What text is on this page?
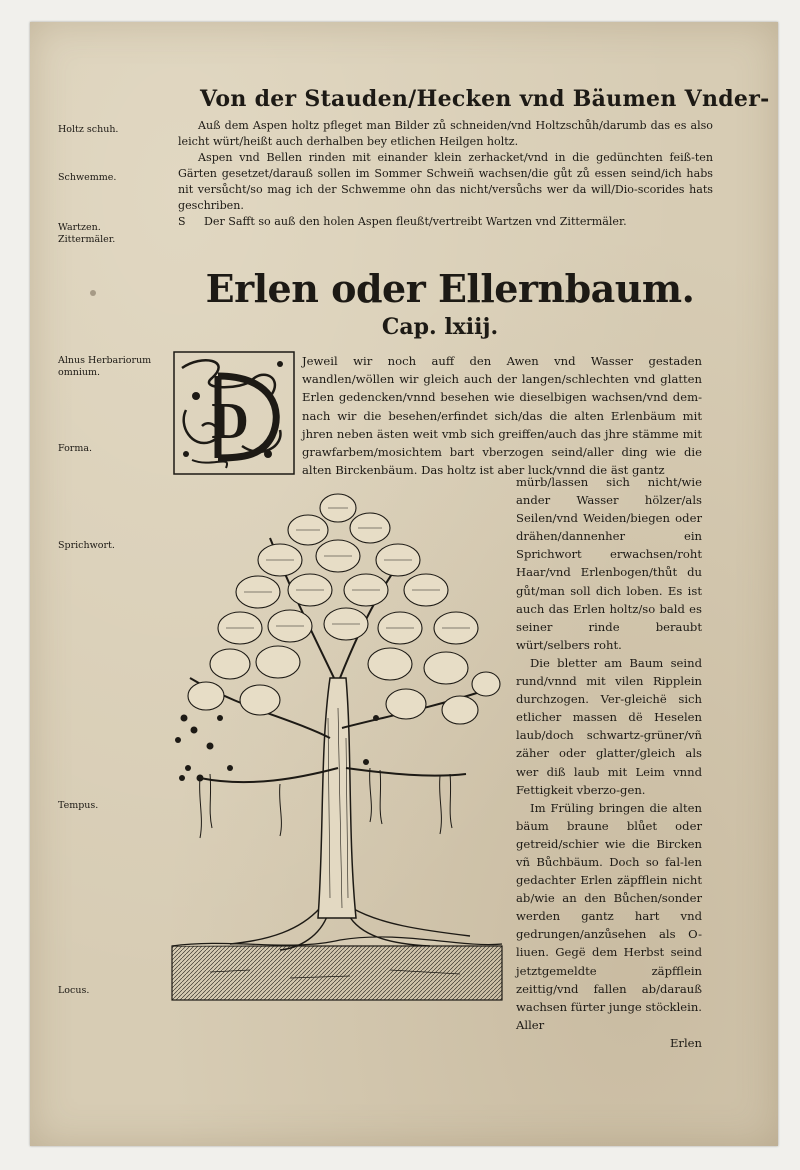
Von der Stauden/Hecken vnd Bäumen Vnder-
Holtz schuh.
Schwemme.
Wartzen. Zittermäler.
Alnus Herbariorum omnium.
Forma.
Sprichwort.
Tempus.
Locus.

Auß dem Aspen holtz pfleget man Bilder zů schneiden/vnd Holtzschůh/darumb das es also leicht würt/heißt auch derhalben bey etlichen Heilgen holtz.

Aspen vnd Bellen rinden mit einander klein zerhacket/vnd in die gedünchten feiß-ten Gärten gesetzet/darauß sollen im Sommer Schweiñ wachsen/die gůt zů essen seind/ich habs nit versůcht/so mag ich der Schwemme ohn das nicht/versůchs wer da will/Dio-scorides hats geschriben.

S Der Safft so auß den holen Aspen fleußt/vertreibt Wartzen vnd Zittermäler.

Erlen oder Ellernbaum.
Cap. lxiij.
D
Jeweil wir noch auff den Awen vnd Wasser gestaden wandlen/wöllen wir gleich auch der langen/schlechten vnd glatten Erlen gedencken/vnnd besehen wie dieselbigen wachsen/vnd dem-nach wir die besehen/erfindet sich/das die alten Erlenbäum mit jhren neben ästen weit vmb sich greiffen/auch das jhre stämme mit grawfarbem/mosichtem bart vberzogen seind/aller ding wie die alten Birckenbäum. Das holtz ist aber luck/vnnd die äst gantz

mürb/lassen sich nicht/wie ander Wasser hölzer/als Seilen/vnd Weiden/biegen oder drähen/dannenher ein Sprichwort erwachsen/roht Haar/vnd Erlenbogen/thůt du gůt/man soll dich loben. Es ist auch das Erlen holtz/so bald es seiner rinde beraubt würt/selbers roht.

Die bletter am Baum seind rund/vnnd mit vilen Ripplein durchzogen. Ver-gleichë sich etlicher massen dë Heselen laub/doch schwartz-grüner/vñ zäher oder glatter/gleich als wer diß laub mit Leim vnnd Fettigkeit vberzo-gen.

Im Früling bringen die alten bäum braune blůet oder getreid/schier wie die Bircken vñ Bůchbäum. Doch so fal-len gedachter Erlen zäpfflein nicht ab/wie an den Bůchen/sonder werden gantz hart vnd gedrungen/anzůsehen als O-liuen. Gegë dem Herbst seind jetztgemeldte zäpfflein zeittig/vnd fallen ab/darauß wachsen fürter junge stöcklein. Aller

Erlen
